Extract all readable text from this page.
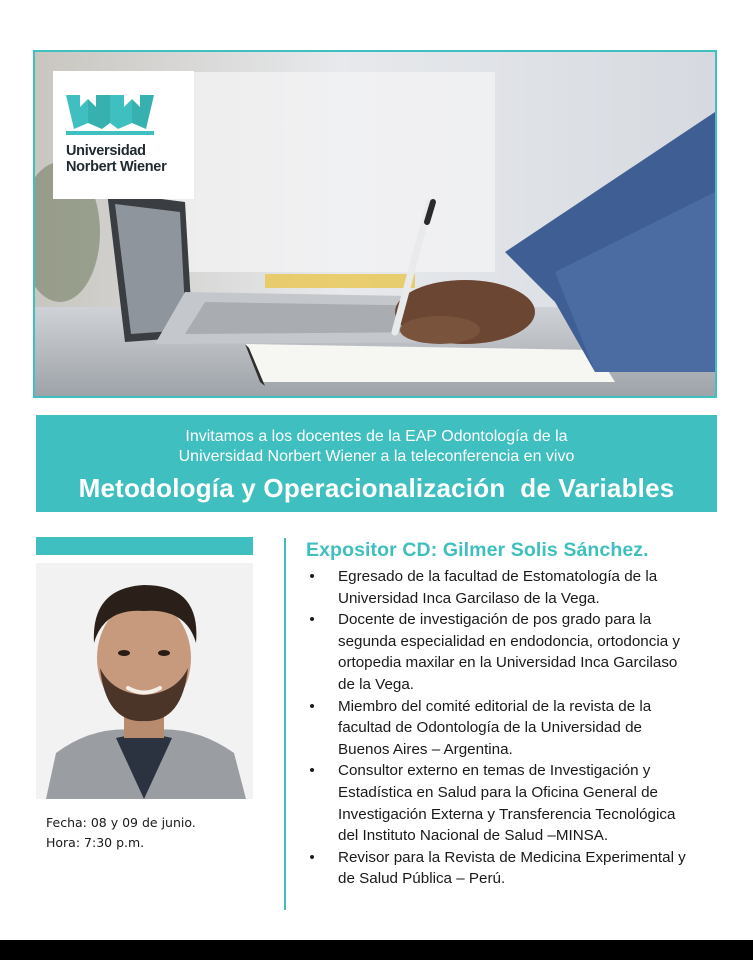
Universidad
Norbert Wiener
Invitamos a los docentes de la EAP Odontología de la
Universidad Norbert Wiener a la teleconferencia en vivo
Metodología y Operacionalización  de Variables
Fecha: 08 y 09 de junio.
Hora: 7:30 p.m.
Expositor CD: Gilmer Solis Sánchez.
• Egresado de la facultad de Estomatología de la
Universidad Inca Garcilaso de la Vega.
• Docente de investigación de pos grado para la
segunda especialidad en endodoncia, ortodoncia y
ortopedia maxilar en la Universidad Inca Garcilaso
de la Vega.
• Miembro del comité editorial de la revista de la
facultad de Odontología de la Universidad de
Buenos Aires – Argentina.
• Consultor externo en temas de Investigación y
Estadística en Salud para la Oficina General de
Investigación Externa y Transferencia Tecnológica
del Instituto Nacional de Salud –MINSA.
• Revisor para la Revista de Medicina Experimental y
de Salud Pública – Perú.
